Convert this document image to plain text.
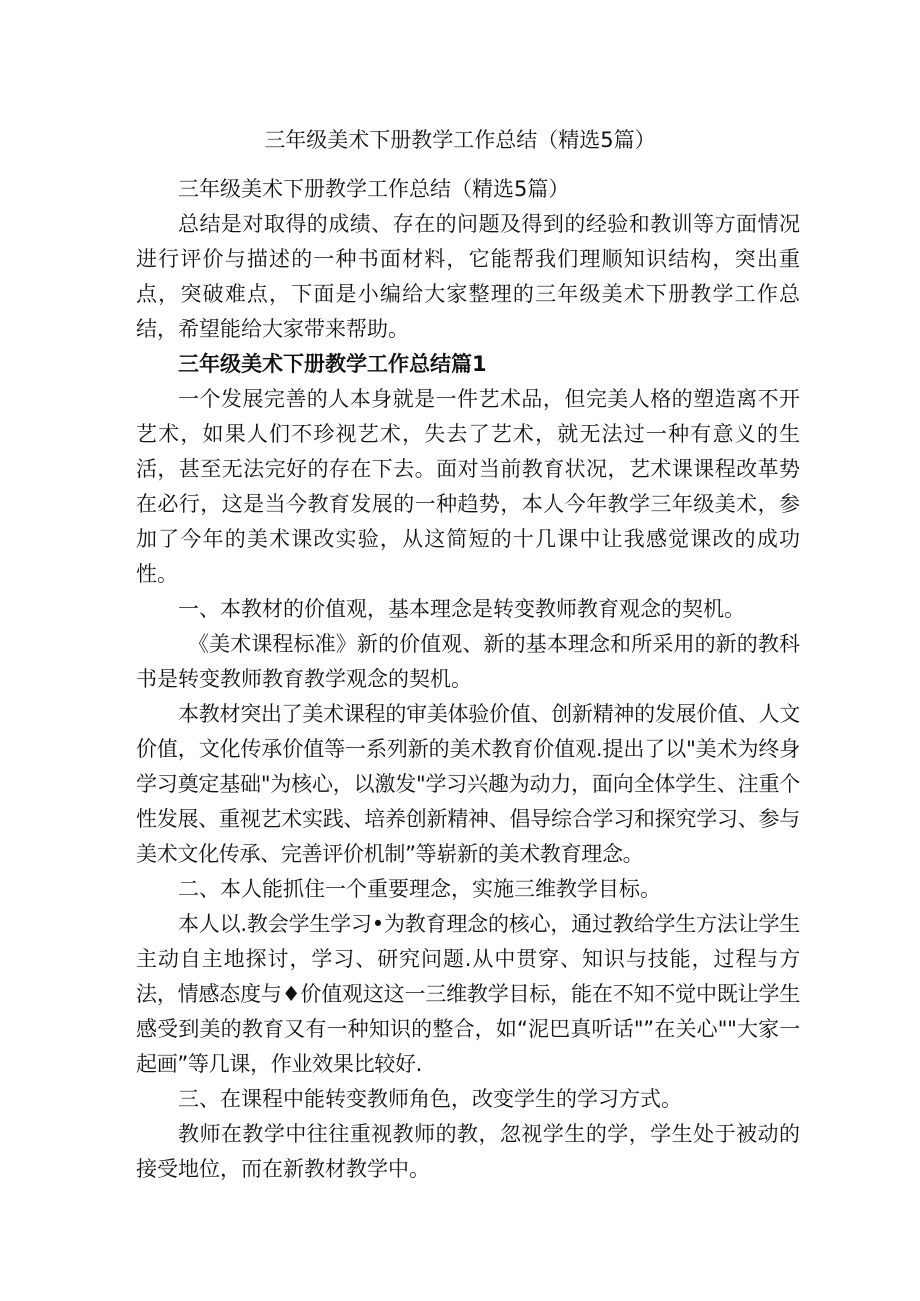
三年级美术下册教学工作总结（精选5篇）

三年级美术下册教学工作总结（精选5篇）

总结是对取得的成绩、存在的问题及得到的经验和教训等方面情况进行评价与描述的一种书面材料，它能帮我们理顺知识结构，突出重点，突破难点，下面是小编给大家整理的三年级美术下册教学工作总结，希望能给大家带来帮助。

三年级美术下册教学工作总结篇1

一个发展完善的人本身就是一件艺术品，但完美人格的塑造离不开艺术，如果人们不珍视艺术，失去了艺术，就无法过一种有意义的生活，甚至无法完好的存在下去。面对当前教育状况，艺术课课程改革势在必行，这是当今教育发展的一种趋势，本人今年教学三年级美术，参加了今年的美术课改实验，从这简短的十几课中让我感觉课改的成功性。

一、本教材的价值观，基本理念是转变教师教育观念的契机。

《美术课程标准》新的价值观、新的基本理念和所采用的新的教科书是转变教师教育教学观念的契机。

本教材突出了美术课程的审美体验价值、创新精神的发展价值、人文价值，文化传承价值等一系列新的美术教育价值观.提出了以"美术为终身学习奠定基础"为核心，以激发"学习兴趣为动力，面向全体学生、注重个性发展、重视艺术实践、培养创新精神、倡导综合学习和探究学习、参与美术文化传承、完善评价机制”等崭新的美术教育理念。

二、本人能抓住一个重要理念，实施三维教学目标。

本人以.教会学生学习•为教育理念的核心，通过教给学生方法让学生主动自主地探讨，学习、研究问题.从中贯穿、知识与技能，过程与方法，情感态度与♦价值观这这一三维教学目标，能在不知不觉中既让学生感受到美的教育又有一种知识的整合，如“泥巴真听话"”在关心""大家一起画”等几课，作业效果比较好.

三、在课程中能转变教师角色，改变学生的学习方式。

教师在教学中往往重视教师的教，忽视学生的学，学生处于被动的接受地位，而在新教材教学中。
